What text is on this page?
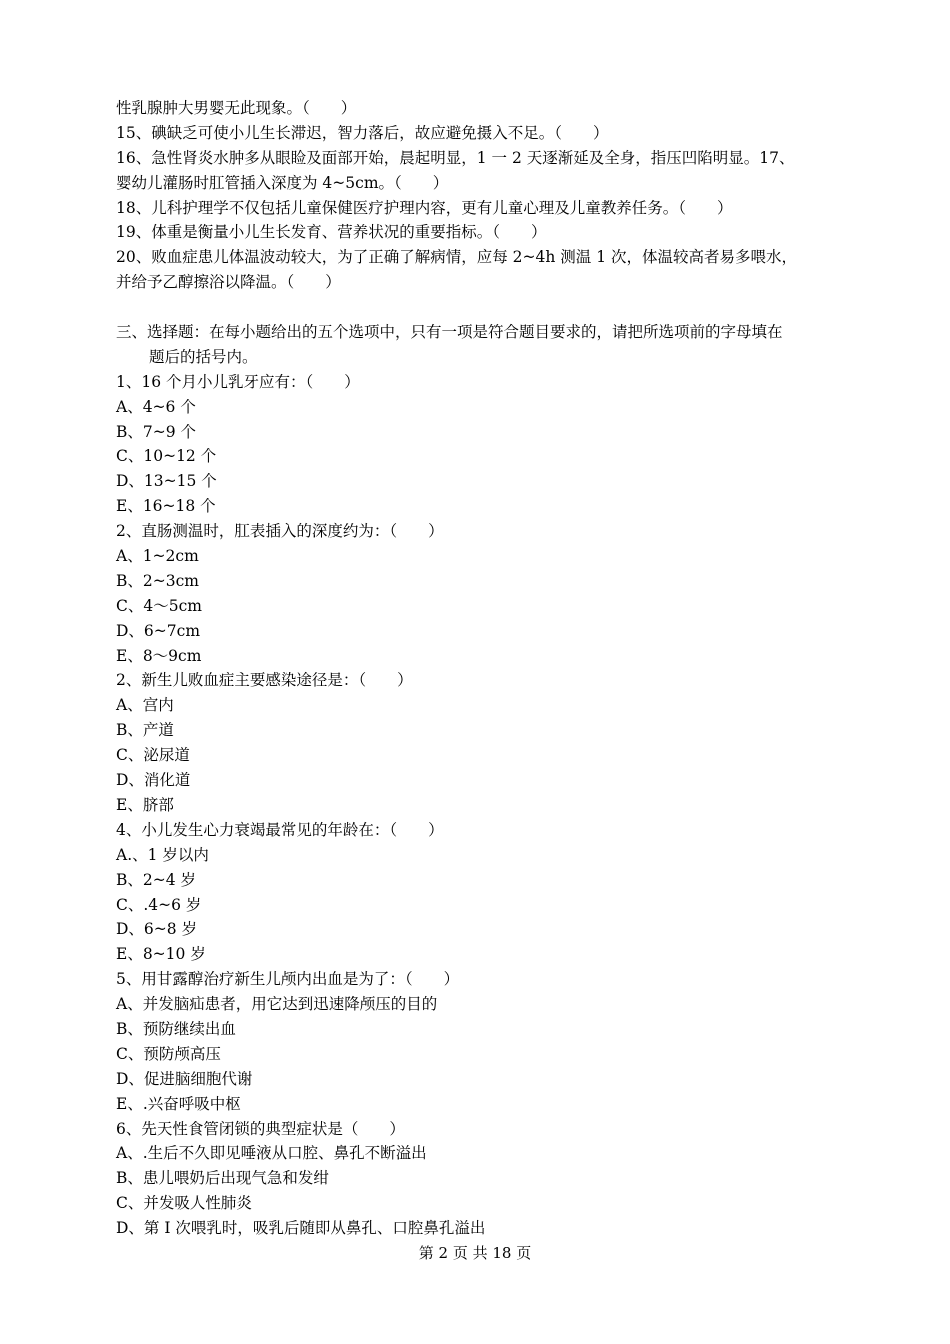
性乳腺肿大男婴无此现象。（　　）

15、碘缺乏可使小儿生长滞迟，智力落后，故应避免摄入不足。（　　）

16、急性肾炎水肿多从眼睑及面部开始，晨起明显，1 一 2 天逐渐延及全身，指压凹陷明显。17、

婴幼儿灌肠时肛管插入深度为 4~5cm。（　　）

18、儿科护理学不仅包括儿童保健医疗护理内容，更有儿童心理及儿童教养任务。（　　）

19、体重是衡量小儿生长发育、营养状况的重要指标。（　　）

20、败血症患儿体温波动较大，为了正确了解病情，应每 2~4h 测温 1 次，体温较高者易多喂水，

并给予乙醇擦浴以降温。（　　）

三、选择题：在每小题给出的五个选项中，只有一项是符合题目要求的，请把所选项前的字母填在

题后的括号内。

1、16 个月小儿乳牙应有：（　　）

A、4~6 个

B、7~9 个

C、10~12 个

D、13~15 个

E、16~18 个

2、直肠测温时，肛表插入的深度约为：（　　）

A、1~2cm

B、2~3cm

C、4～5cm

D、6~7cm

E、8～9cm

2、新生儿败血症主要感染途径是：（　　）

A、宫内

B、产道

C、泌尿道

D、消化道

E、脐部

4、小儿发生心力衰竭最常见的年龄在：（　　）

A.、1 岁以内

B、2~4 岁

C、.4~6 岁

D、6~8 岁

E、8~10 岁

5、用甘露醇治疗新生儿颅内出血是为了：（　　）

A、并发脑疝患者，用它达到迅速降颅压的目的

B、预防继续出血

C、预防颅高压

D、促进脑细胞代谢

E、.兴奋呼吸中枢

6、先天性食管闭锁的典型症状是（　　）

A、.生后不久即见唾液从口腔、鼻孔不断溢出

B、患儿喂奶后出现气急和发绀

C、并发吸人性肺炎

D、第 I 次喂乳时，吸乳后随即从鼻孔、口腔鼻孔溢出

第 2 页 共 18 页
